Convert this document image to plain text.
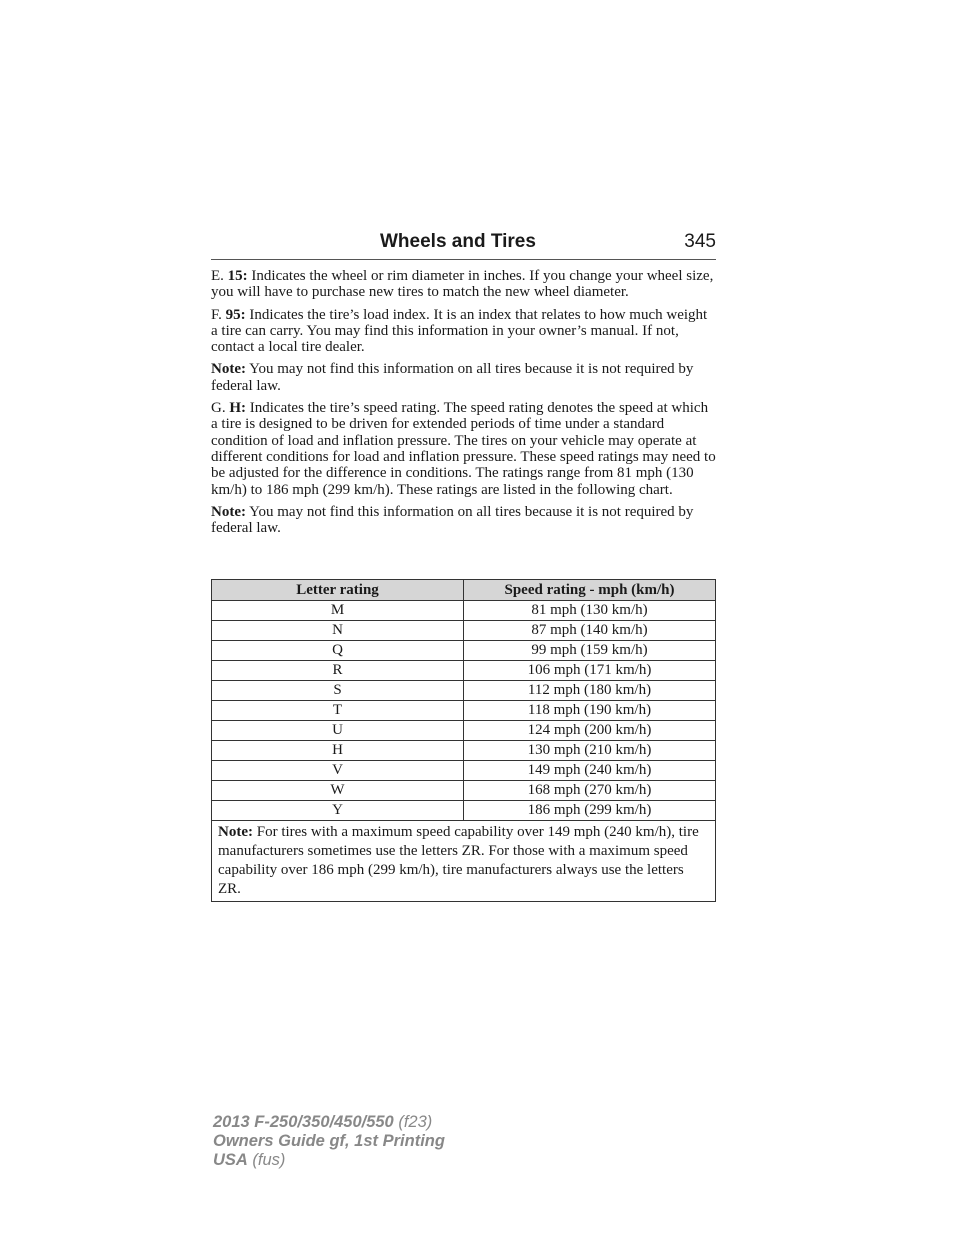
Wheels and Tires	345

E. 15: Indicates the wheel or rim diameter in inches. If you change your wheel size, you will have to purchase new tires to match the new wheel diameter.

F. 95: Indicates the tire’s load index. It is an index that relates to how much weight a tire can carry. You may find this information in your owner’s manual. If not, contact a local tire dealer.

Note: You may not find this information on all tires because it is not required by federal law.

G. H: Indicates the tire’s speed rating. The speed rating denotes the speed at which a tire is designed to be driven for extended periods of time under a standard condition of load and inflation pressure. The tires on your vehicle may operate at different conditions for load and inflation pressure. These speed ratings may need to be adjusted for the difference in conditions. The ratings range from 81 mph (130 km/h) to 186 mph (299 km/h). These ratings are listed in the following chart.

Note: You may not find this information on all tires because it is not required by federal law.

Letter rating	Speed rating - mph (km/h)
M	81 mph (130 km/h)
N	87 mph (140 km/h)
Q	99 mph (159 km/h)
R	106 mph (171 km/h)
S	112 mph (180 km/h)
T	118 mph (190 km/h)
U	124 mph (200 km/h)
H	130 mph (210 km/h)
V	149 mph (240 km/h)
W	168 mph (270 km/h)
Y	186 mph (299 km/h)
Note: For tires with a maximum speed capability over 149 mph (240 km/h), tire manufacturers sometimes use the letters ZR. For those with a maximum speed capability over 186 mph (299 km/h), tire manufacturers always use the letters ZR.	
2013 F-250/350/450/550 (f23)
Owners Guide gf, 1st Printing
USA (fus)
